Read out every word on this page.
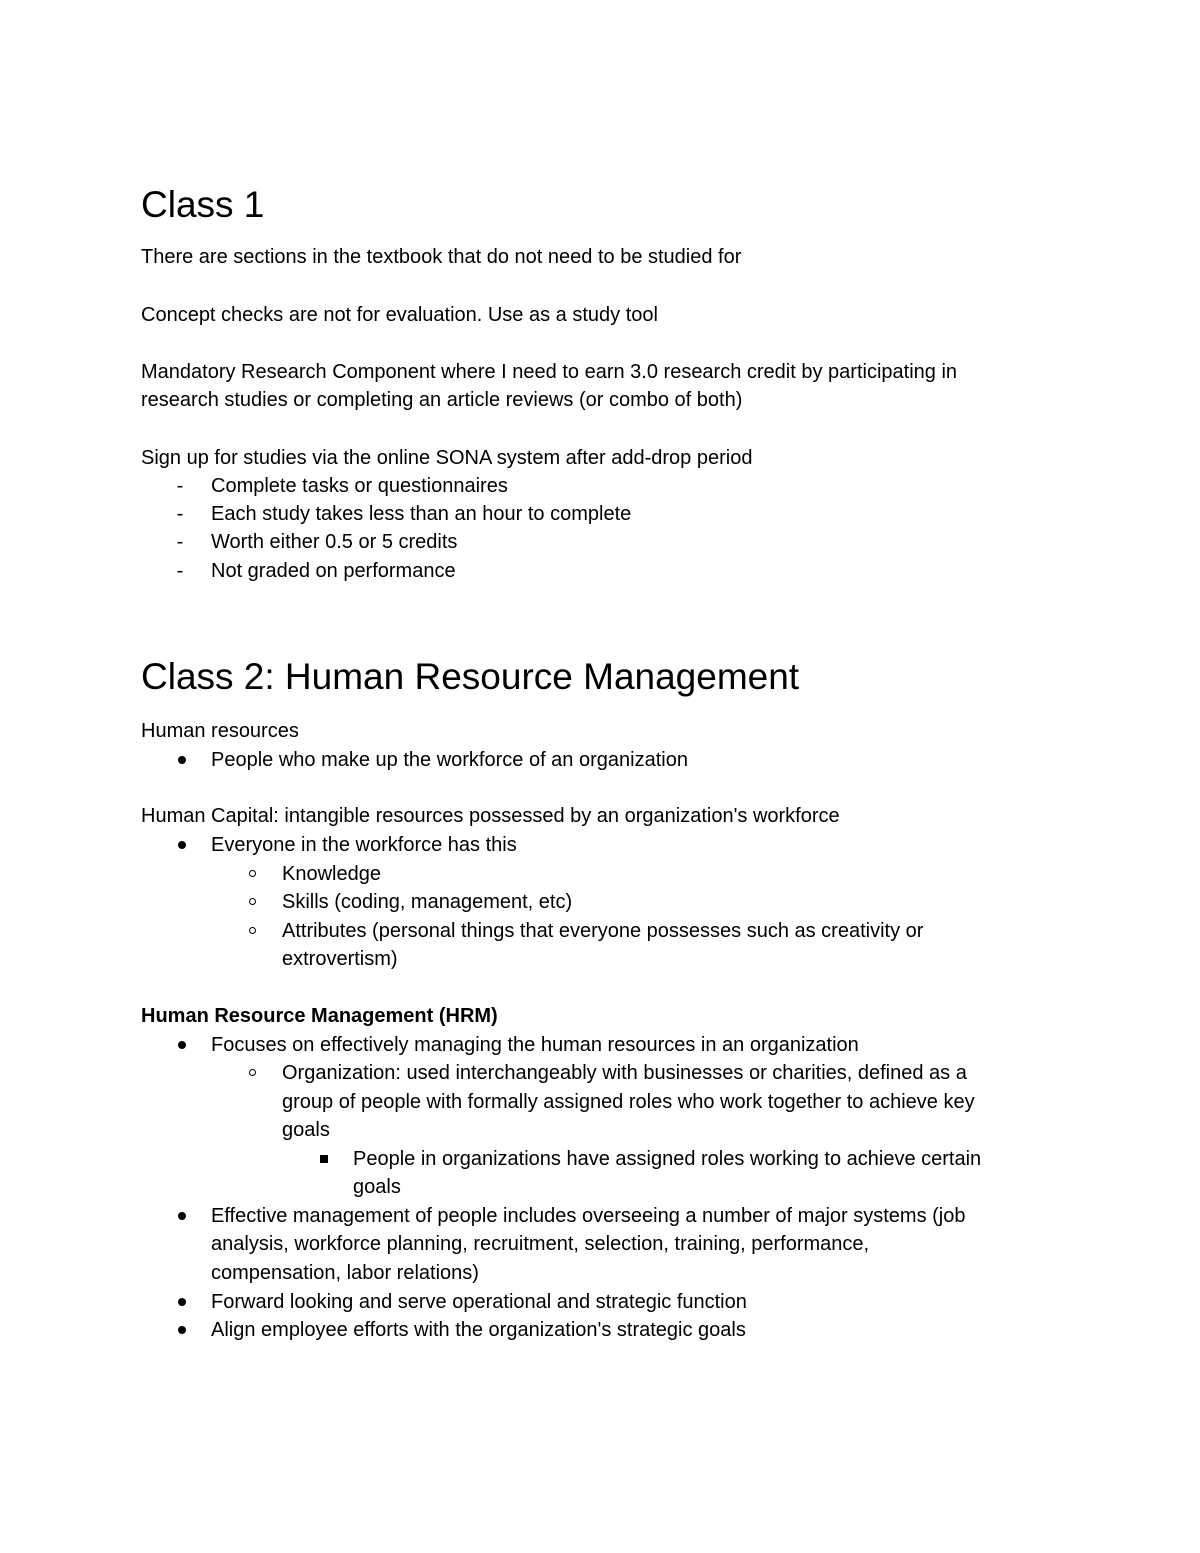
Class 1
There are sections in the textbook that do not need to be studied for
Concept checks are not for evaluation. Use as a study tool
Mandatory Research Component where I need to earn 3.0 research credit by participating in
research studies or completing an article reviews (or combo of both)
Sign up for studies via the online SONA system after add-drop period
-	Complete tasks or questionnaires
-	Each study takes less than an hour to complete
-	Worth either 0.5 or 5 credits
-	Not graded on performance
Class 2: Human Resource Management
Human resources
People who make up the workforce of an organization
Human Capital: intangible resources possessed by an organization's workforce
Everyone in the workforce has this
Knowledge
Skills (coding, management, etc)
Attributes (personal things that everyone possesses such as creativity or
extrovertism)
Human Resource Management (HRM)
Focuses on effectively managing the human resources in an organization
Organization: used interchangeably with businesses or charities, defined as a
group of people with formally assigned roles who work together to achieve key
goals
People in organizations have assigned roles working to achieve certain
goals
Effective management of people includes overseeing a number of major systems (job
analysis, workforce planning, recruitment, selection, training, performance,
compensation, labor relations)
Forward looking and serve operational and strategic function
Align employee efforts with the organization's strategic goals
